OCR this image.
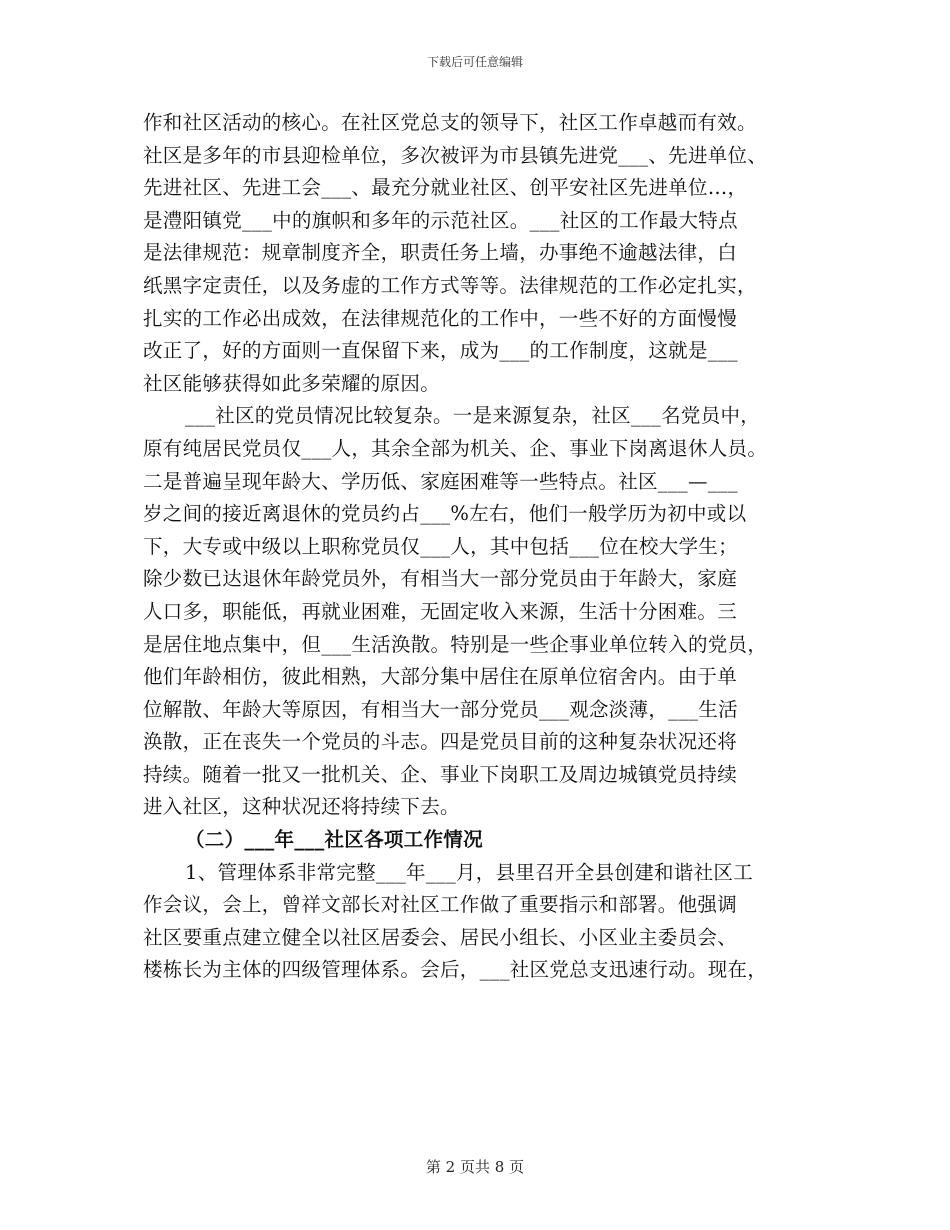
下载后可任意编辑
作和社区活动的核心。在社区党总支的领导下，社区工作卓越而有效。
社区是多年的市县迎检单位，多次被评为市县镇先进党___、先进单位、
先进社区、先进工会___、最充分就业社区、创平安社区先进单位…，
是澧阳镇党___中的旗帜和多年的示范社区。___社区的工作最大特点
是法律规范：规章制度齐全，职责任务上墙，办事绝不逾越法律，白
纸黑字定责任，以及务虚的工作方式等等。法律规范的工作必定扎实，
扎实的工作必出成效，在法律规范化的工作中，一些不好的方面慢慢
改正了，好的方面则一直保留下来，成为___的工作制度，这就是___
社区能够获得如此多荣耀的原因。
___社区的党员情况比较复杂。一是来源复杂，社区___名党员中，
原有纯居民党员仅___人，其余全部为机关、企、事业下岗离退休人员。
二是普遍呈现年龄大、学历低、家庭困难等一些特点。社区___—___
岁之间的接近离退休的党员约占___%左右，他们一般学历为初中或以
下，大专或中级以上职称党员仅___人，其中包括___位在校大学生；
除少数已达退休年龄党员外，有相当大一部分党员由于年龄大，家庭
人口多，职能低，再就业困难，无固定收入来源，生活十分困难。三
是居住地点集中，但___生活涣散。特别是一些企事业单位转入的党员，
他们年龄相仿，彼此相熟，大部分集中居住在原单位宿舍内。由于单
位解散、年龄大等原因，有相当大一部分党员___观念淡薄，___生活
涣散，正在丧失一个党员的斗志。四是党员目前的这种复杂状况还将
持续。随着一批又一批机关、企、事业下岗职工及周边城镇党员持续
进入社区，这种状况还将持续下去。
（二）___年___社区各项工作情况
1、管理体系非常完整___年___月，县里召开全县创建和谐社区工
作会议，会上，曾祥文部长对社区工作做了重要指示和部署。他强调
社区要重点建立健全以社区居委会、居民小组长、小区业主委员会、
楼栋长为主体的四级管理体系。会后，___社区党总支迅速行动。现在，
第 2 页共 8 页
